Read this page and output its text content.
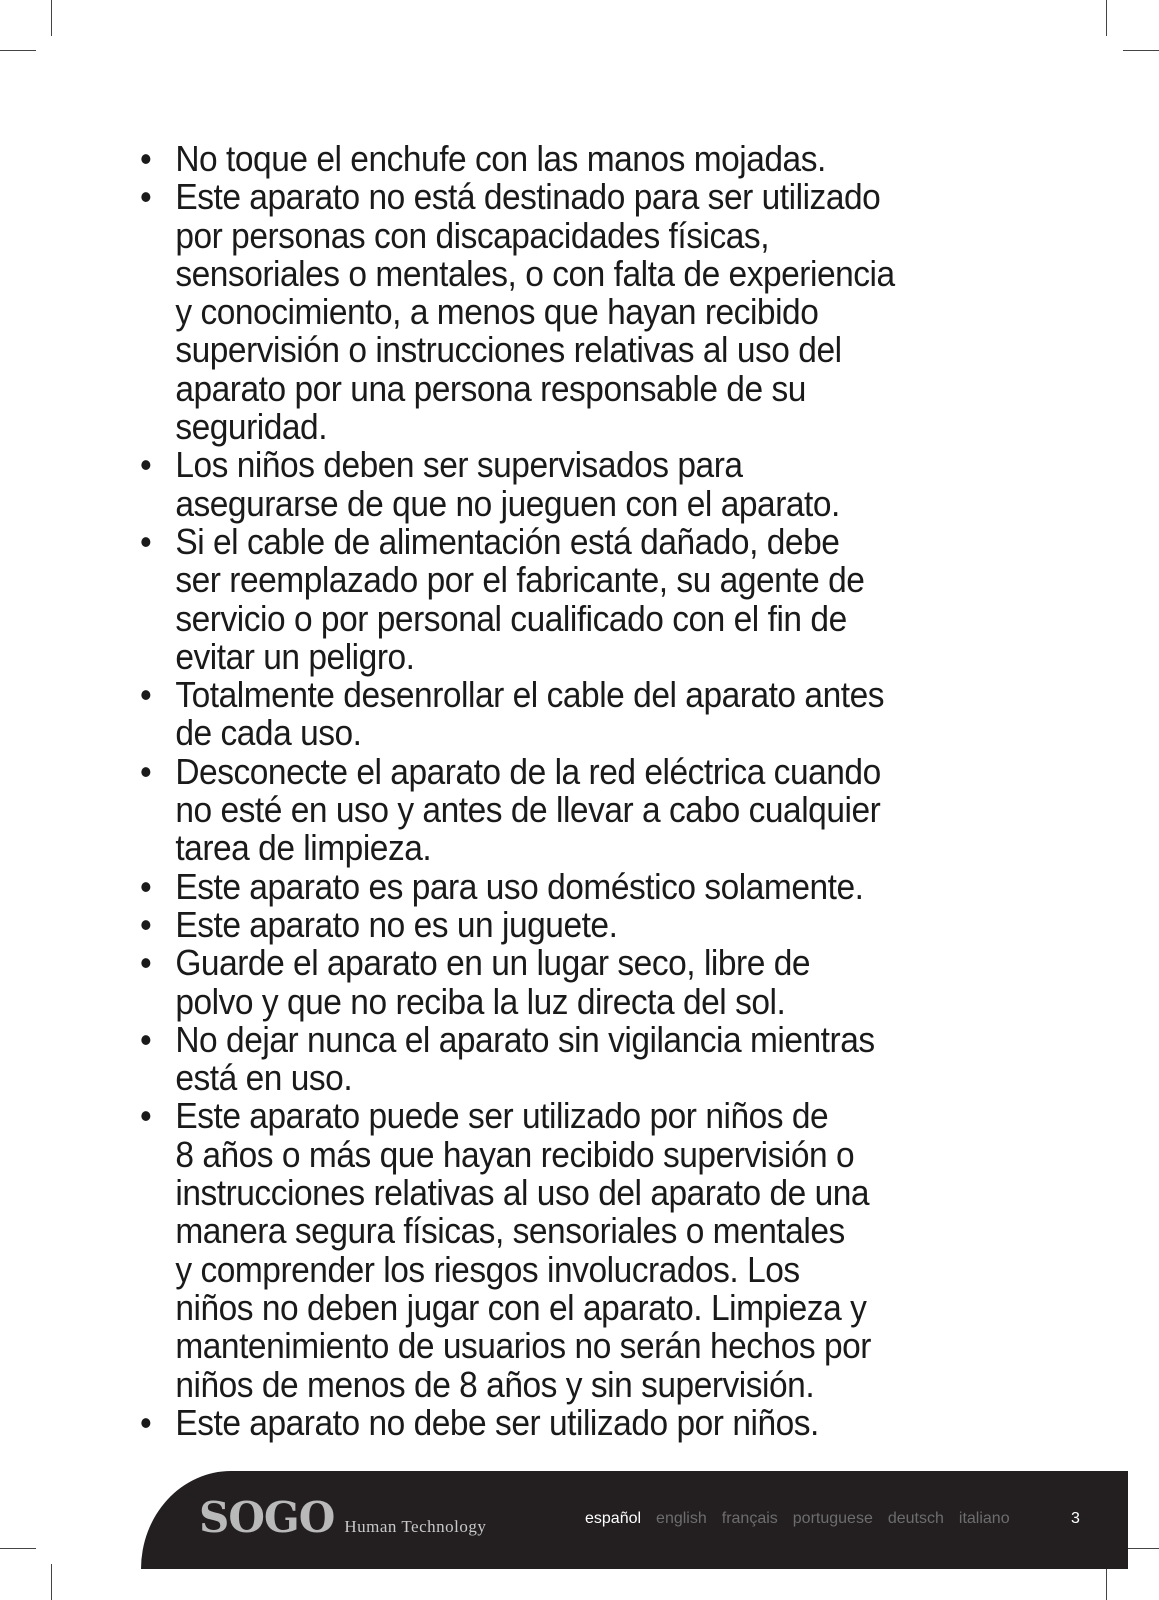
• No toque el enchufe con las manos mojadas.
• Este aparato no está destinado para ser utilizado
por personas con discapacidades físicas,
sensoriales o mentales, o con falta de experiencia
y conocimiento, a menos que hayan recibido
supervisión o instrucciones relativas al uso del
aparato por una persona responsable de su
seguridad.
• Los niños deben ser supervisados para
asegurarse de que no jueguen con el aparato.
• Si el cable de alimentación está dañado, debe
ser reemplazado por el fabricante, su agente de
servicio o por personal cualificado con el fin de
evitar un peligro.
• Totalmente desenrollar el cable del aparato antes
de cada uso.
• Desconecte el aparato de la red eléctrica cuando
no esté en uso y antes de llevar a cabo cualquier
tarea de limpieza.
• Este aparato es para uso doméstico solamente.
• Este aparato no es un juguete.
• Guarde el aparato en un lugar seco, libre de
polvo y que no reciba la luz directa del sol.
• No dejar nunca el aparato sin vigilancia mientras
está en uso.
• Este aparato puede ser utilizado por niños de
8 años o más que hayan recibido supervisión o
instrucciones relativas al uso del aparato de una
manera segura físicas, sensoriales o mentales
y comprender los riesgos involucrados. Los
niños no deben jugar con el aparato. Limpieza y
mantenimiento de usuarios no serán hechos por
niños de menos de 8 años y sin supervisión.
• Este aparato no debe ser utilizado por niños.
SOGO Human Technology	español english français portuguese deutsch italiano	3
